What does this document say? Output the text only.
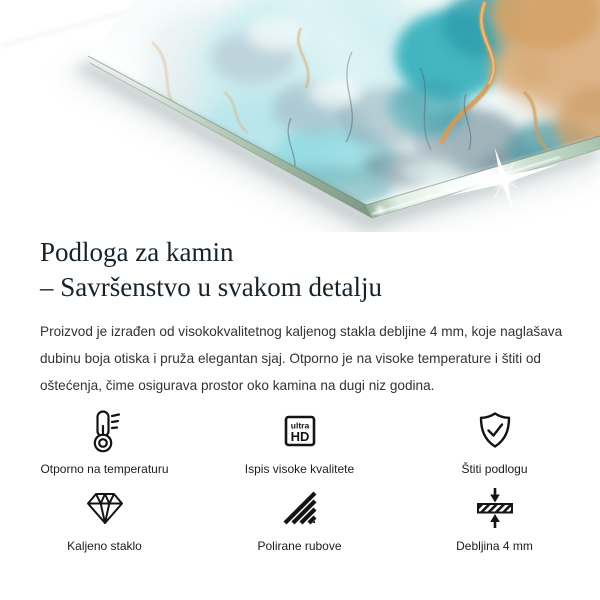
Podloga za kamin
– Savršenstvo u svakom detalju

Proizvod je izrađen od visokokvalitetnog kaljenog stakla debljine 4 mm, koje naglašava dubinu boja otiska i pruža elegantan sjaj. Otporno je na visoke temperature i štiti od oštećenja, čime osigurava prostor oko kamina na dugi niz godina.

Otporno na temperaturu
ultra
HD
Ispis visoke kvalitete	Štiti podlogu
Kaljeno staklo	Polirane rubove	Debljina 4 mm
